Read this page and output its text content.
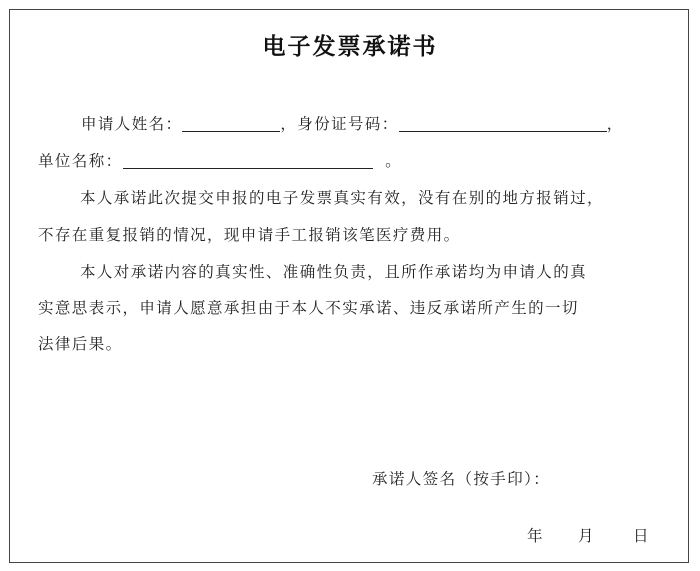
电子发票承诺书
申请人姓名：	，身份证号码：	，
单位名称：	。
本人承诺此次提交申报的电子发票真实有效，没有在别的地方报销过，
不存在重复报销的情况，现申请手工报销该笔医疗费用。
本人对承诺内容的真实性、准确性负责，且所作承诺均为申请人的真
实意思表示，申请人愿意承担由于本人不实承诺、违反承诺所产生的一切
法律后果。
承诺人签名（按手印）：
年 月	日
